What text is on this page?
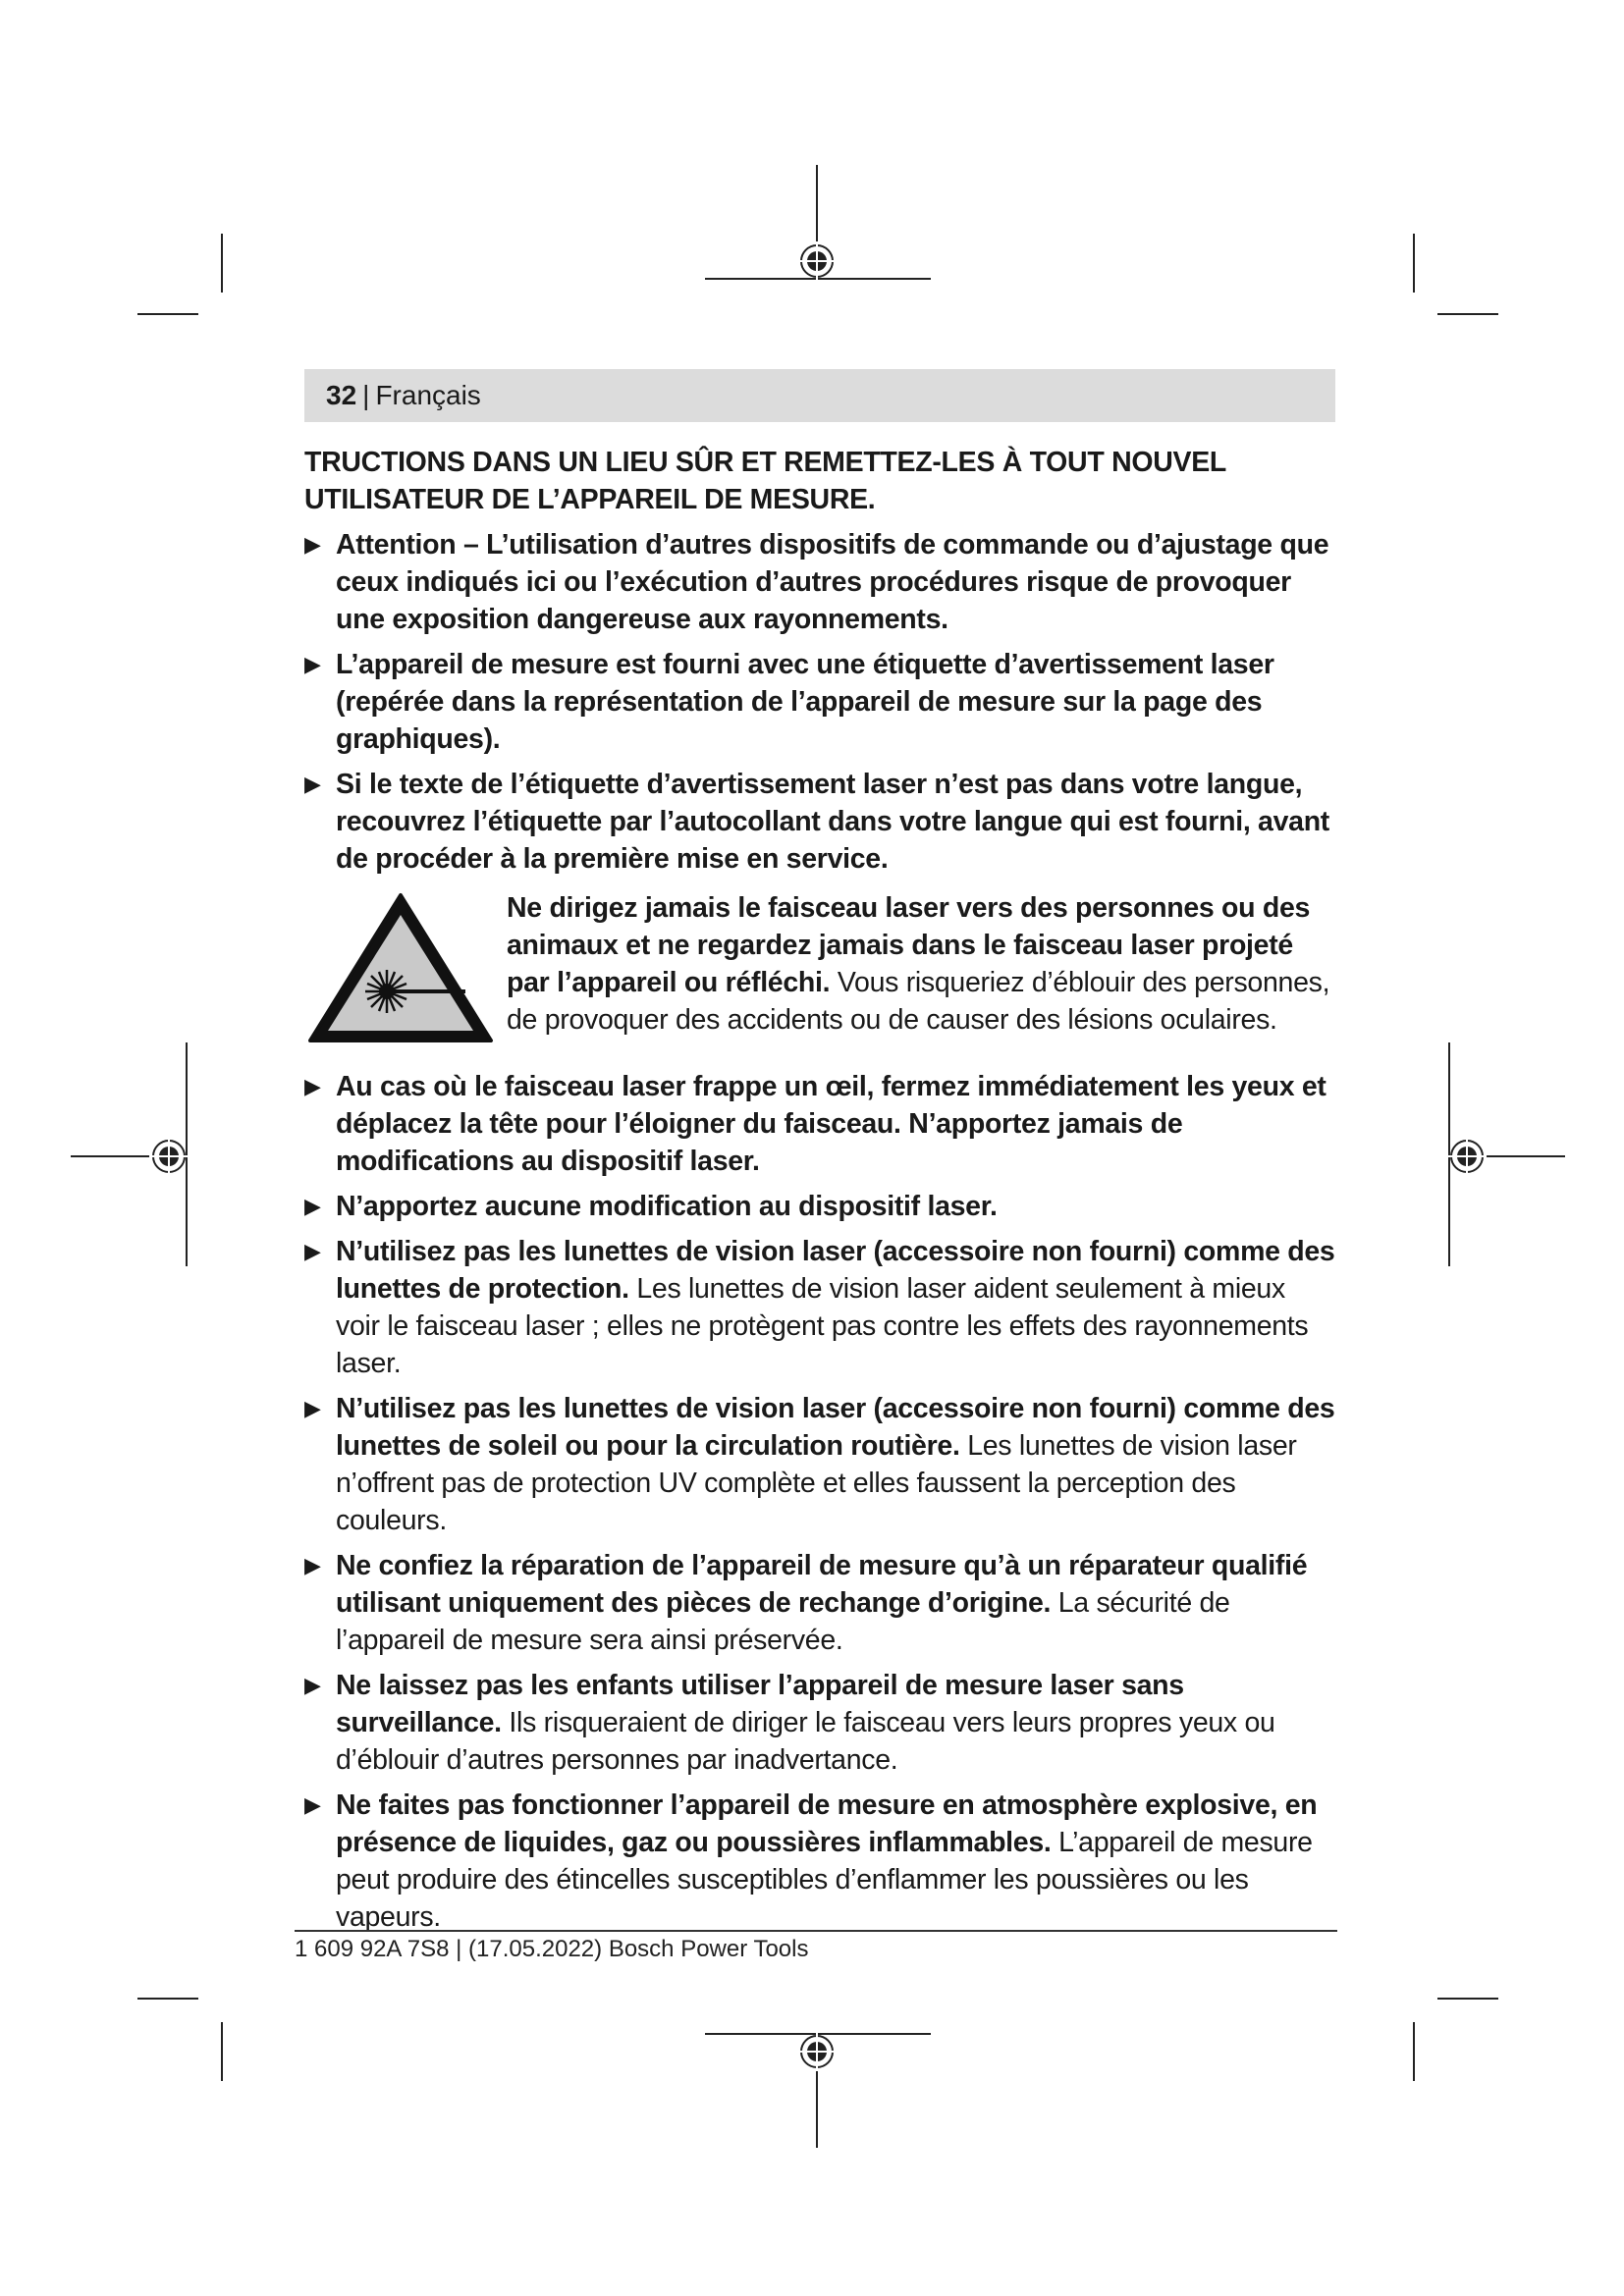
32 | Français

TRUCTIONS DANS UN LIEU SÛR ET REMETTEZ-LES À TOUT NOUVEL UTILISATEUR DE L’APPAREIL DE MESURE.

▶ Attention – L’utilisation d’autres dispositifs de commande ou d’ajustage que ceux indiqués ici ou l’exécution d’autres procédures risque de provoquer une exposition dangereuse aux rayonnements.
▶ L’appareil de mesure est fourni avec une étiquette d’avertissement laser (repérée dans la représentation de l’appareil de mesure sur la page des graphiques).
▶ Si le texte de l’étiquette d’avertissement laser n’est pas dans votre langue, recouvrez l’étiquette par l’autocollant dans votre langue qui est fourni, avant de procéder à la première mise en service.
Ne dirigez jamais le faisceau laser vers des personnes ou des animaux et ne regardez jamais dans le faisceau laser projeté par l’appareil ou réfléchi. Vous risqueriez d’éblouir des personnes, de provoquer des accidents ou de causer des lésions oculaires.
▶ Au cas où le faisceau laser frappe un œil, fermez immédiatement les yeux et déplacez la tête pour l’éloigner du faisceau. N’apportez jamais de modifications au dispositif laser.
▶ N’apportez aucune modification au dispositif laser.
▶ N’utilisez pas les lunettes de vision laser (accessoire non fourni) comme des lunettes de protection. Les lunettes de vision laser aident seulement à mieux voir le faisceau laser ; elles ne protègent pas contre les effets des rayonnements laser.
▶ N’utilisez pas les lunettes de vision laser (accessoire non fourni) comme des lunettes de soleil ou pour la circulation routière. Les lunettes de vision laser n’offrent pas de protection UV complète et elles faussent la perception des couleurs.
▶ Ne confiez la réparation de l’appareil de mesure qu’à un réparateur qualifié utilisant uniquement des pièces de rechange d’origine. La sécurité de l’appareil de mesure sera ainsi préservée.
▶ Ne laissez pas les enfants utiliser l’appareil de mesure laser sans surveillance. Ils risqueraient de diriger le faisceau vers leurs propres yeux ou d’éblouir d’autres personnes par inadvertance.
▶ Ne faites pas fonctionner l’appareil de mesure en atmosphère explosive, en présence de liquides, gaz ou poussières inflammables. L’appareil de mesure peut produire des étincelles susceptibles d’enflammer les poussières ou les vapeurs.
1 609 92A 7S8 | (17.05.2022) Bosch Power Tools
